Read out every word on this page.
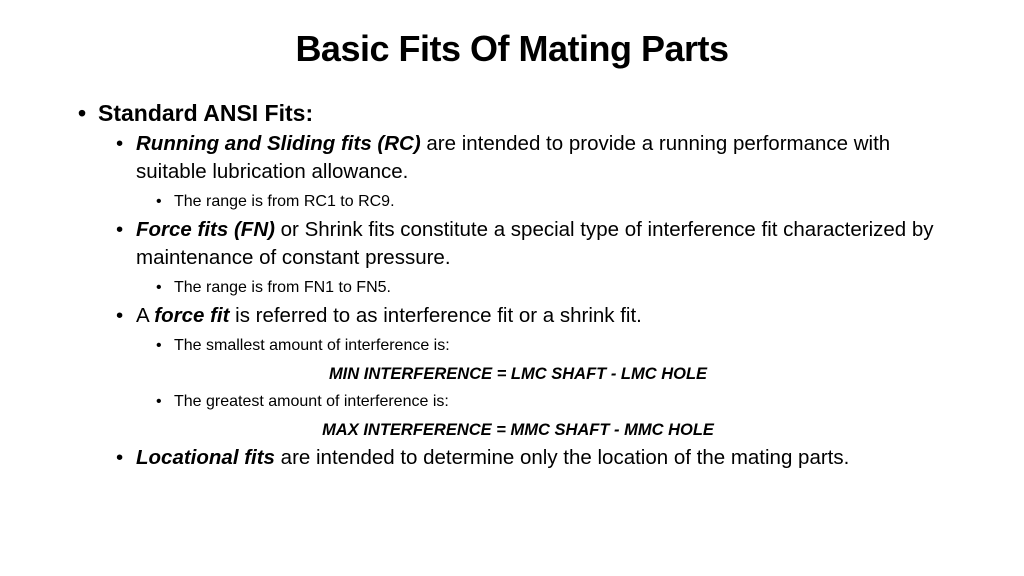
Basic Fits Of Mating Parts
• Standard ANSI Fits:
• Running and Sliding fits (RC) are intended to provide a running performance with suitable lubrication allowance.
• The range is from RC1 to RC9.
• Force fits (FN) or Shrink fits constitute a special type of interference fit characterized by maintenance of constant pressure.
• The range is from FN1 to FN5.
• A force fit is referred to as interference fit or a shrink fit.
• The smallest amount of interference is:
MIN INTERFERENCE = LMC SHAFT - LMC HOLE
• The greatest amount of interference is:
MAX INTERFERENCE = MMC SHAFT - MMC HOLE
• Locational fits are intended to determine only the location of the mating parts.
